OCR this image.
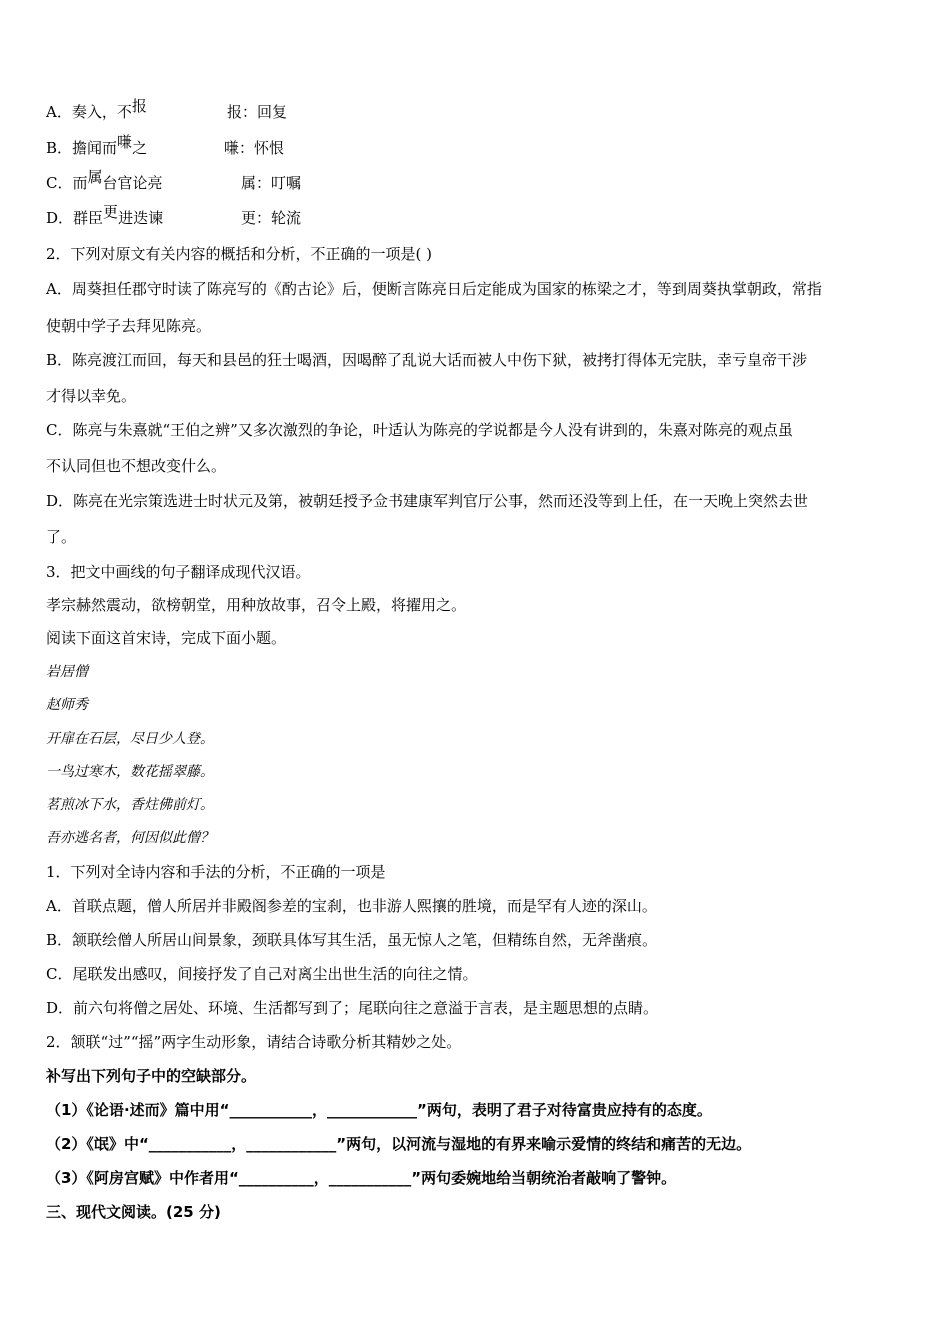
A．奏入，不报	报：回复
B．擔闻而嗛之	嗛：怀恨
C．而属台官论亮	属：叮嘱
D．群臣更进迭谏	更：轮流
2．下列对原文有关内容的概括和分析，不正确的一项是( )
A．周葵担任郡守时读了陈亮写的《酌古论》后，便断言陈亮日后定能成为国家的栋梁之才，等到周葵执掌朝政，常指
使朝中学子去拜见陈亮。
B．陈亮渡江而回，每天和县邑的狂士喝酒，因喝醉了乱说大话而被人中伤下狱，被拷打得体无完肤，幸亏皇帝干涉
才得以幸免。
C．陈亮与朱熹就“王伯之辨”又多次激烈的争论，叶适认为陈亮的学说都是今人没有讲到的，朱熹对陈亮的观点虽
不认同但也不想改变什么。
D．陈亮在光宗策选进士时状元及第，被朝廷授予佥书建康军判官厅公事，然而还没等到上任，在一天晚上突然去世
了。
3．把文中画线的句子翻译成现代汉语。
孝宗赫然震动，欲榜朝堂，用种放故事，召令上殿，将擢用之。
阅读下面这首宋诗，完成下面小题。
岩居僧
赵师秀
开扉在石层，尽日少人登。
一鸟过寒木，数花摇翠藤。
茗煎冰下水，香炷佛前灯。
吾亦逃名者，何因似此僧？
1．下列对全诗内容和手法的分析，不正确的一项是
A．首联点题，僧人所居并非殿阁参差的宝刹，也非游人熙攘的胜境，而是罕有人迹的深山。
B．颔联绘僧人所居山间景象，颈联具体写其生活，虽无惊人之笔，但精练自然，无斧凿痕。
C．尾联发出感叹，间接抒发了自己对离尘出世生活的向往之情。
D．前六句将僧之居处、环境、生活都写到了；尾联向往之意溢于言表，是主题思想的点睛。
2．颔联“过”“摇”两字生动形象，请结合诗歌分析其精妙之处。
补写出下列句子中的空缺部分。
（1）《论语·述而》篇中用“___________，____________”两句，表明了君子对待富贵应持有的态度。
（2）《氓》中“___________，____________”两句，以河流与湿地的有界来喻示爱情的终结和痛苦的无边。
（3）《阿房宫赋》中作者用“__________，___________”两句委婉地给当朝统治者敲响了警钟。
三、现代文阅读。(25 分)
